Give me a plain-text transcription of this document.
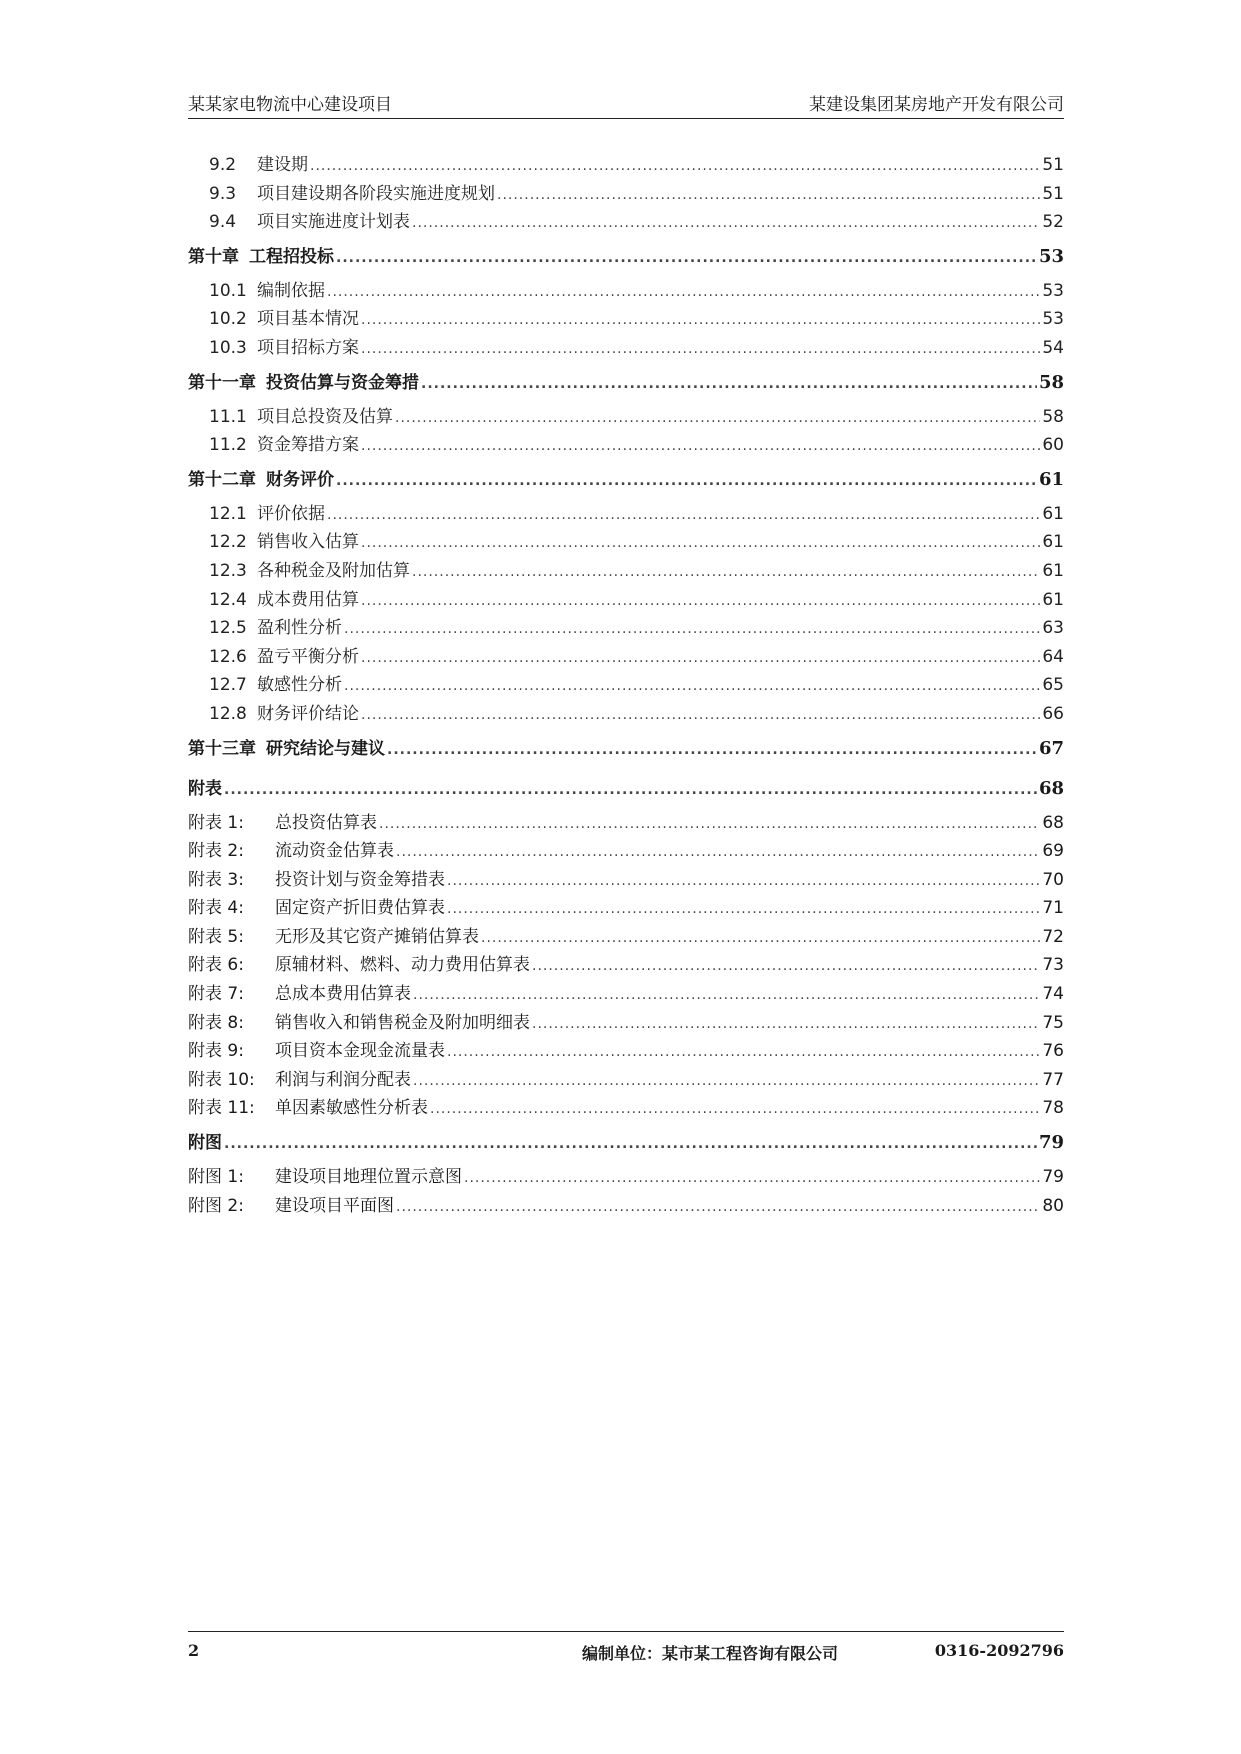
某某家电物流中心建设项目	某建设集团某房地产开发有限公司
9.2	建设期 .....	51
9.3	项目建设期各阶段实施进度规划 .....	51
9.4	项目实施进度计划表 .....	52
第十章 工程招投标 .....	53
10.1 编制依据 .....	53
10.2 项目基本情况 .....	53
10.3 项目招标方案 .....	54
第十一章 投资估算与资金筹措 .....	58
11.1 项目总投资及估算 .....	58
11.2 资金筹措方案 .....	60
第十二章 财务评价 .....	61
12.1 评价依据 .....	61
12.2 销售收入估算 .....	61
12.3 各种税金及附加估算 .....	61
12.4 成本费用估算 .....	61
12.5 盈利性分析 .....	63
12.6 盈亏平衡分析 .....	64
12.7 敏感性分析 .....	65
12.8 财务评价结论 .....	66
第十三章 研究结论与建议 .....	67
附表 .....	68
附表 1:	总投资估算表 .....	68
附表 2:	流动资金估算表 .....	69
附表 3:	投资计划与资金筹措表 .....	70
附表 4:	固定资产折旧费估算表 .....	71
附表 5:	无形及其它资产摊销估算表 .....	72
附表 6:	原辅材料、燃料、动力费用估算表 .....	73
附表 7:	总成本费用估算表 .....	74
附表 8:	销售收入和销售税金及附加明细表 .....	75
附表 9:	项目资本金现金流量表 .....	76
附表 10:	利润与利润分配表 .....	77
附表 11:	单因素敏感性分析表 .....	78
附图 .....	79
附图 1:	建设项目地理位置示意图 .....	79
附图 2:	建设项目平面图 .....	80
2	编制单位：某市某工程咨询有限公司	0316-2092796
